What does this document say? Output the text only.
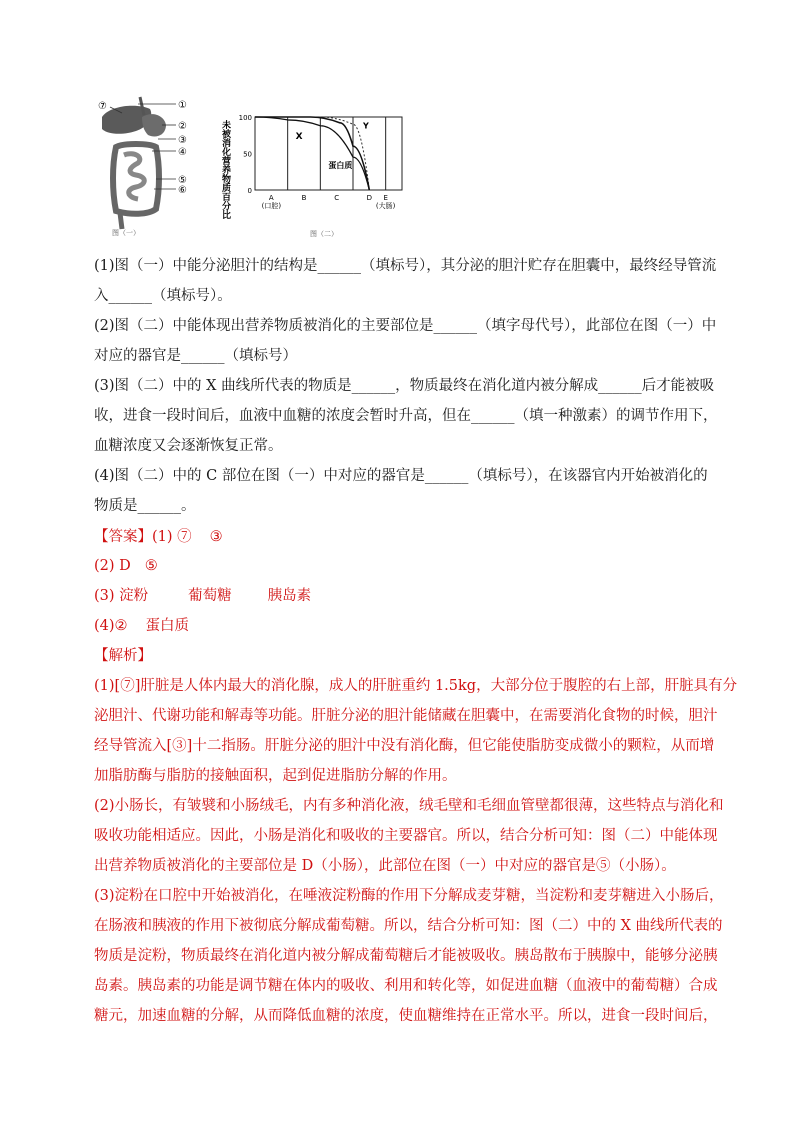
⑦	①
②
③
④
⑤
⑥
图（一）
未被消化营养物质百分比
100
50
0
A
(口腔)
B	C	D E
(大肠)
X
Y
蛋白质
图（二）
(1)图（一）中能分泌胆汁的结构是______（填标号），其分泌的胆汁贮存在胆囊中，最终经导管流
入______（填标号）。
(2)图（二）中能体现出营养物质被消化的主要部位是______（填字母代号），此部位在图（一）中
对应的器官是______（填标号）
(3)图（二）中的 X 曲线所代表的物质是______，物质最终在消化道内被分解成______后才能被吸
收，进食一段时间后，血液中血糖的浓度会暂时升高，但在______（填一种激素）的调节作用下，
血糖浓度又会逐渐恢复正常。
(4)图（二）中的 C 部位在图（一）中对应的器官是______（填标号），在该器官内开始被消化的
物质是______。
【答案】(1) ⑦ ③
(2) D ⑤
(3) 淀粉	葡萄糖 胰岛素
(4)② 蛋白质
【解析】
(1)[⑦]肝脏是人体内最大的消化腺，成人的肝脏重约 1.5kg，大部分位于腹腔的右上部，肝脏具有分
泌胆汁、代谢功能和解毒等功能。肝脏分泌的胆汁能储藏在胆囊中，在需要消化食物的时候，胆汁
经导管流入[③]十二指肠。肝脏分泌的胆汁中没有消化酶，但它能使脂肪变成微小的颗粒，从而增
加脂肪酶与脂肪的接触面积，起到促进脂肪分解的作用。
(2)小肠长，有皱襞和小肠绒毛，内有多种消化液，绒毛壁和毛细血管壁都很薄，这些特点与消化和
吸收功能相适应。因此，小肠是消化和吸收的主要器官。所以，结合分析可知：图（二）中能体现
出营养物质被消化的主要部位是 D（小肠），此部位在图（一）中对应的器官是⑤（小肠）。
(3)淀粉在口腔中开始被消化，在唾液淀粉酶的作用下分解成麦芽糖，当淀粉和麦芽糖进入小肠后，
在肠液和胰液的作用下被彻底分解成葡萄糖。所以，结合分析可知：图（二）中的 X 曲线所代表的
物质是淀粉，物质最终在消化道内被分解成葡萄糖后才能被吸收。胰岛散布于胰腺中，能够分泌胰
岛素。胰岛素的功能是调节糖在体内的吸收、利用和转化等，如促进血糖（血液中的葡萄糖）合成
糖元，加速血糖的分解，从而降低血糖的浓度，使血糖维持在正常水平。所以，进食一段时间后，
